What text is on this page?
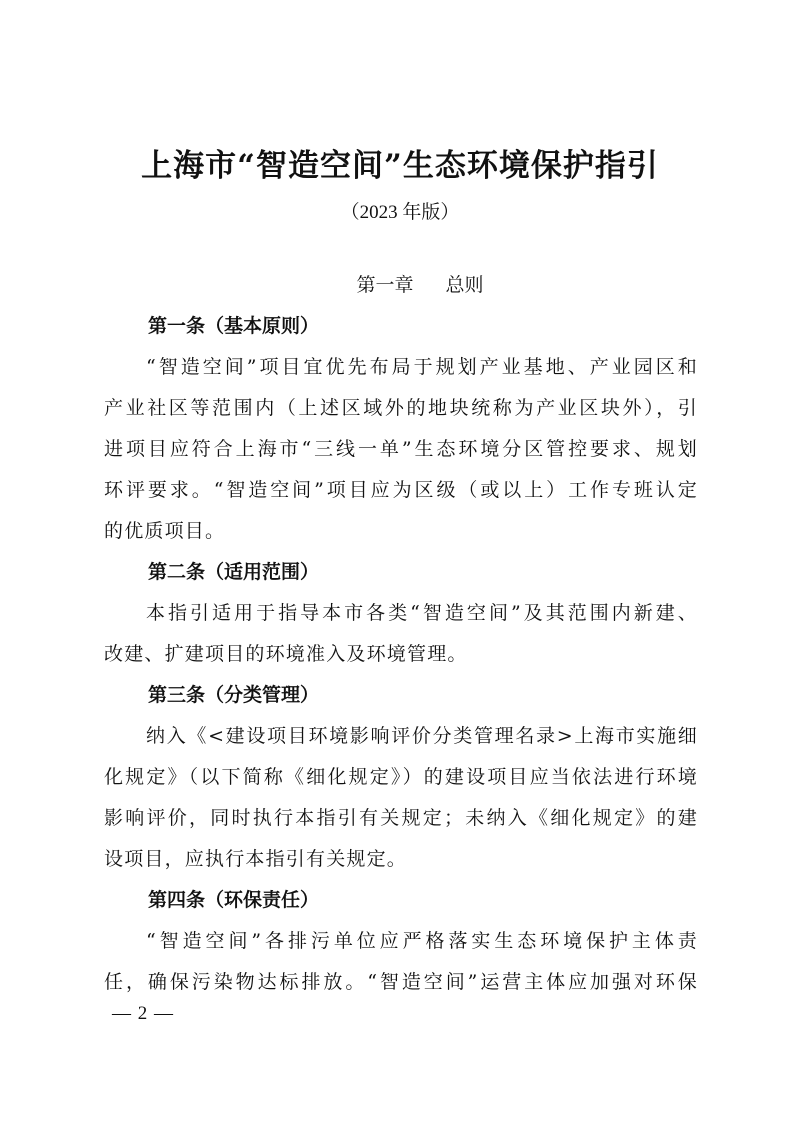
上海市“智造空间”生态环境保护指引
（2023 年版）
第一章 总则
第一条（基本原则）
“智造空间”项目宜优先布局于规划产业基地、产业园区和
产业社区等范围内（上述区域外的地块统称为产业区块外），引
进项目应符合上海市“三线一单”生态环境分区管控要求、规划
环评要求。“智造空间”项目应为区级（或以上）工作专班认定
的优质项目。
第二条（适用范围）
本指引适用于指导本市各类“智造空间”及其范围内新建、
改建、扩建项目的环境准入及环境管理。
第三条（分类管理）
纳入《<建设项目环境影响评价分类管理名录>上海市实施细
化规定》（以下简称《细化规定》）的建设项目应当依法进行环境
影响评价，同时执行本指引有关规定；未纳入《细化规定》的建
设项目，应执行本指引有关规定。
第四条（环保责任）
“智造空间”各排污单位应严格落实生态环境保护主体责
任，确保污染物达标排放。“智造空间”运营主体应加强对环保
— 2 —
